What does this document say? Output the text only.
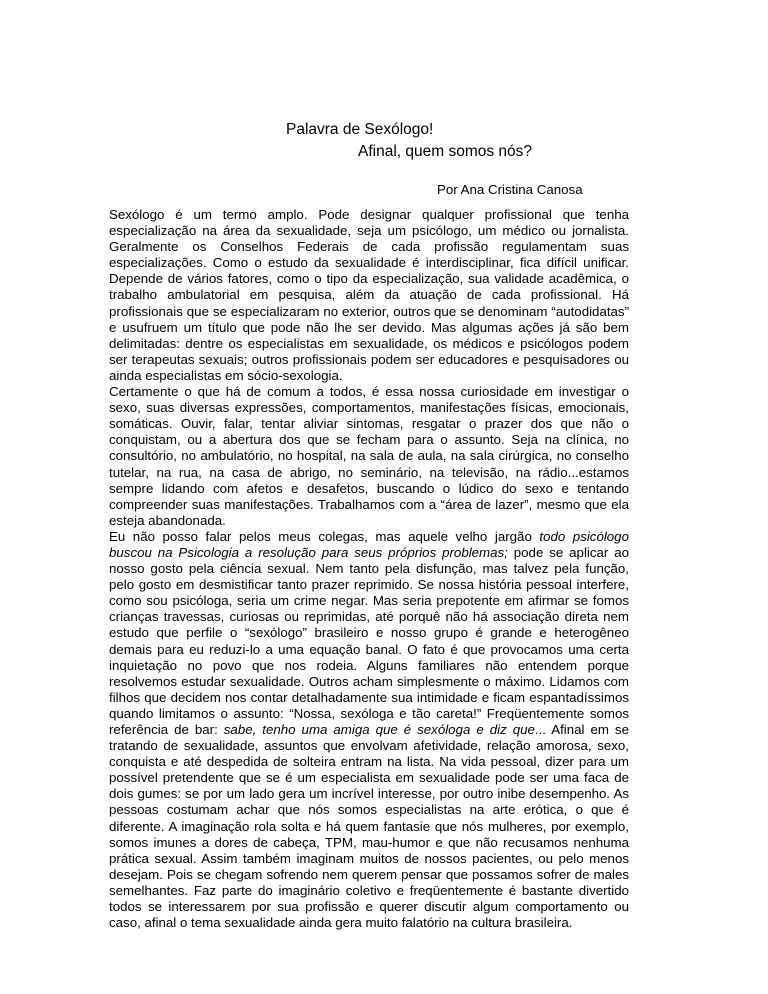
Palavra de Sexólogo!
Afinal, quem somos nós?
Por Ana Cristina Canosa

Sexólogo é um termo amplo. Pode designar qualquer profissional que tenha especialização na área da sexualidade, seja um psicólogo, um médico ou jornalista. Geralmente os Conselhos Federais de cada profissão regulamentam suas especializações. Como o estudo da sexualidade é interdisciplinar, fica difícil unificar. Depende de vários fatores, como o tipo da especialização, sua validade acadêmica, o trabalho ambulatorial em pesquisa, além da atuação de cada profissional. Há profissionais que se especializaram no exterior, outros que se denominam “autodidatas” e usufruem um título que pode não lhe ser devido. Mas algumas ações já são bem delimitadas: dentre os especialistas em sexualidade, os médicos e psicólogos podem ser terapeutas sexuais; outros profissionais podem ser educadores e pesquisadores ou ainda especialistas em sócio-sexologia.

Certamente o que há de comum a todos, é essa nossa curiosidade em investigar o sexo, suas diversas expressões, comportamentos, manifestações físicas, emocionais, somáticas. Ouvir, falar, tentar aliviar sintomas, resgatar o prazer dos que não o conquistam, ou a abertura dos que se fecham para o assunto. Seja na clínica, no consultório, no ambulatório, no hospital, na sala de aula, na sala cirúrgica, no conselho tutelar, na rua, na casa de abrigo, no seminário, na televisão, na rádio...estamos sempre lidando com afetos e desafetos, buscando o lúdico do sexo e tentando compreender suas manifestações. Trabalhamos com a “área de lazer”, mesmo que ela esteja abandonada.

Eu não posso falar pelos meus colegas, mas aquele velho jargão todo psicólogo buscou na Psicologia a resolução para seus próprios problemas; pode se aplicar ao nosso gosto pela ciência sexual. Nem tanto pela disfunção, mas talvez pela função, pelo gosto em desmistificar tanto prazer reprimido. Se nossa história pessoal interfere, como sou psicóloga, seria um crime negar. Mas seria prepotente em afirmar se fomos crianças travessas, curiosas ou reprimidas, até porquê não há associação direta nem estudo que perfile o “sexólogo” brasileiro e nosso grupo é grande e heterogêneo demais para eu reduzi-lo a uma equação banal. O fato é que provocamos uma certa inquietação no povo que nos rodeia. Alguns familiares não entendem porque resolvemos estudar sexualidade. Outros acham simplesmente o máximo. Lidamos com filhos que decidem nos contar detalhadamente sua intimidade e ficam espantadíssimos quando limitamos o assunto: “Nossa, sexóloga e tão careta!” Freqüentemente somos referência de bar: sabe, tenho uma amiga que é sexóloga e diz que... Afinal em se tratando de sexualidade, assuntos que envolvam afetividade, relação amorosa, sexo, conquista e até despedida de solteira entram na lista. Na vida pessoal, dizer para um possível pretendente que se é um especialista em sexualidade pode ser uma faca de dois gumes: se por um lado gera um incrível interesse, por outro inibe desempenho. As pessoas costumam achar que nós somos especialistas na arte erótica, o que é diferente. A imaginação rola solta e há quem fantasie que nós mulheres, por exemplo, somos imunes a dores de cabeça, TPM, mau-humor e que não recusamos nenhuma prática sexual. Assim também imaginam muitos de nossos pacientes, ou pelo menos desejam. Pois se chegam sofrendo nem querem pensar que possamos sofrer de males semelhantes. Faz parte do imaginário coletivo e freqüentemente é bastante divertido todos se interessarem por sua profissão e querer discutir algum comportamento ou caso, afinal o tema sexualidade ainda gera muito falatório na cultura brasileira.
